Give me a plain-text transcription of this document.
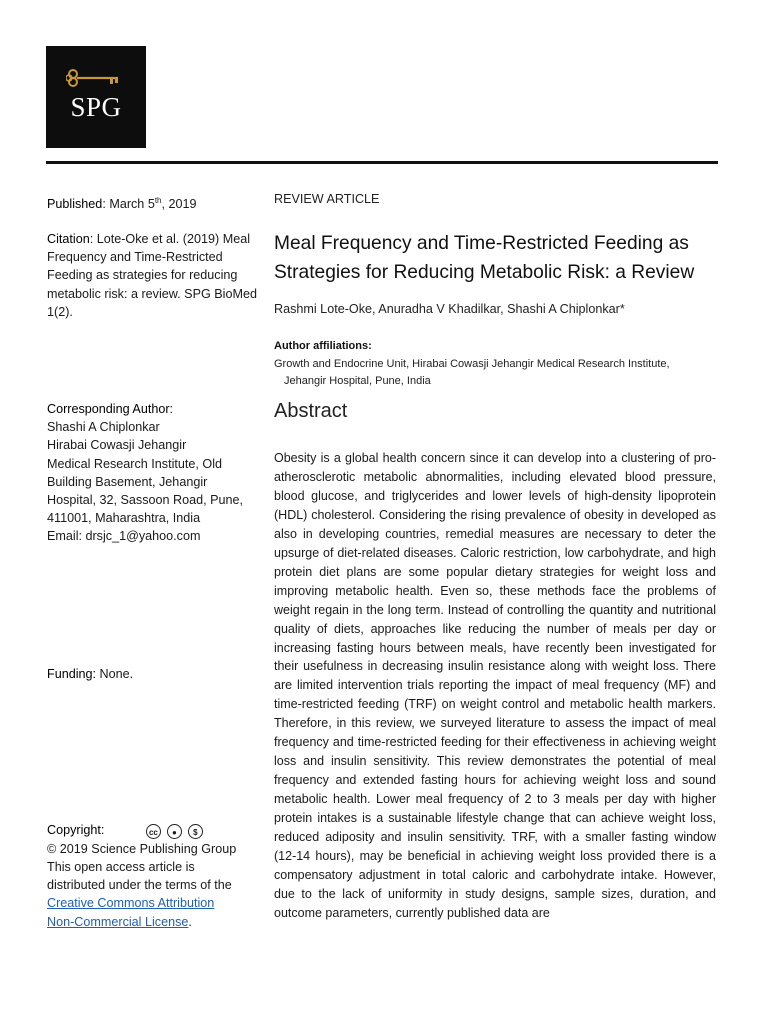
SPG
Published: March 5th, 2019
Citation: Lote-Oke et al. (2019) Meal Frequency and Time-Restricted Feeding as strategies for reducing metabolic risk: a review. SPG BioMed 1(2).
Corresponding Author:
Shashi A Chiplonkar
Hirabai Cowasji Jehangir
Medical Research Institute, Old
Building Basement, Jehangir
Hospital, 32, Sassoon Road, Pune,
411001, Maharashtra, India
Email: drsjc_1@yahoo.com
Funding: None.
Copyright:	cc ● $
© 2019 Science Publishing Group
This open access article is
distributed under the terms of the
Creative Commons Attribution
Non-Commercial License.
REVIEW ARTICLE
Meal Frequency and Time-Restricted Feeding as
Strategies for Reducing Metabolic Risk: a Review
Rashmi Lote-Oke, Anuradha V Khadilkar, Shashi A Chiplonkar*
Author affiliations:
Growth and Endocrine Unit, Hirabai Cowasji Jehangir Medical Research Institute,
Jehangir Hospital, Pune, India
Abstract
Obesity is a global health concern since it can develop into a clustering of pro-atherosclerotic metabolic abnormalities, including elevated blood pressure, blood glucose, and triglycerides and lower levels of high-density lipoprotein (HDL) cholesterol. Considering the rising prevalence of obesity in developed as also in developing countries, remedial measures are necessary to deter the upsurge of diet-related diseases. Caloric restriction, low carbohydrate, and high protein diet plans are some popular dietary strategies for weight loss and improving metabolic health. Even so, these methods face the problems of weight regain in the long term. Instead of controlling the quantity and nutritional quality of diets, approaches like reducing the number of meals per day or increasing fasting hours between meals, have recently been investigated for their usefulness in decreasing insulin resistance along with weight loss. There are limited intervention trials reporting the impact of meal frequency (MF) and time-restricted feeding (TRF) on weight control and metabolic health markers. Therefore, in this review, we surveyed literature to assess the impact of meal frequency and time-restricted feeding for their effectiveness in achieving weight loss and insulin sensitivity. This review demonstrates the potential of meal frequency and extended fasting hours for achieving weight loss and sound metabolic health. Lower meal frequency of 2 to 3 meals per day with higher protein intakes is a sustainable lifestyle change that can achieve weight loss, reduced adiposity and insulin sensitivity. TRF, with a smaller fasting window (12-14 hours), may be beneficial in achieving weight loss provided there is a compensatory adjustment in total caloric and carbohydrate intake. However, due to the lack of uniformity in study designs, sample sizes, duration, and outcome parameters, currently published data are
